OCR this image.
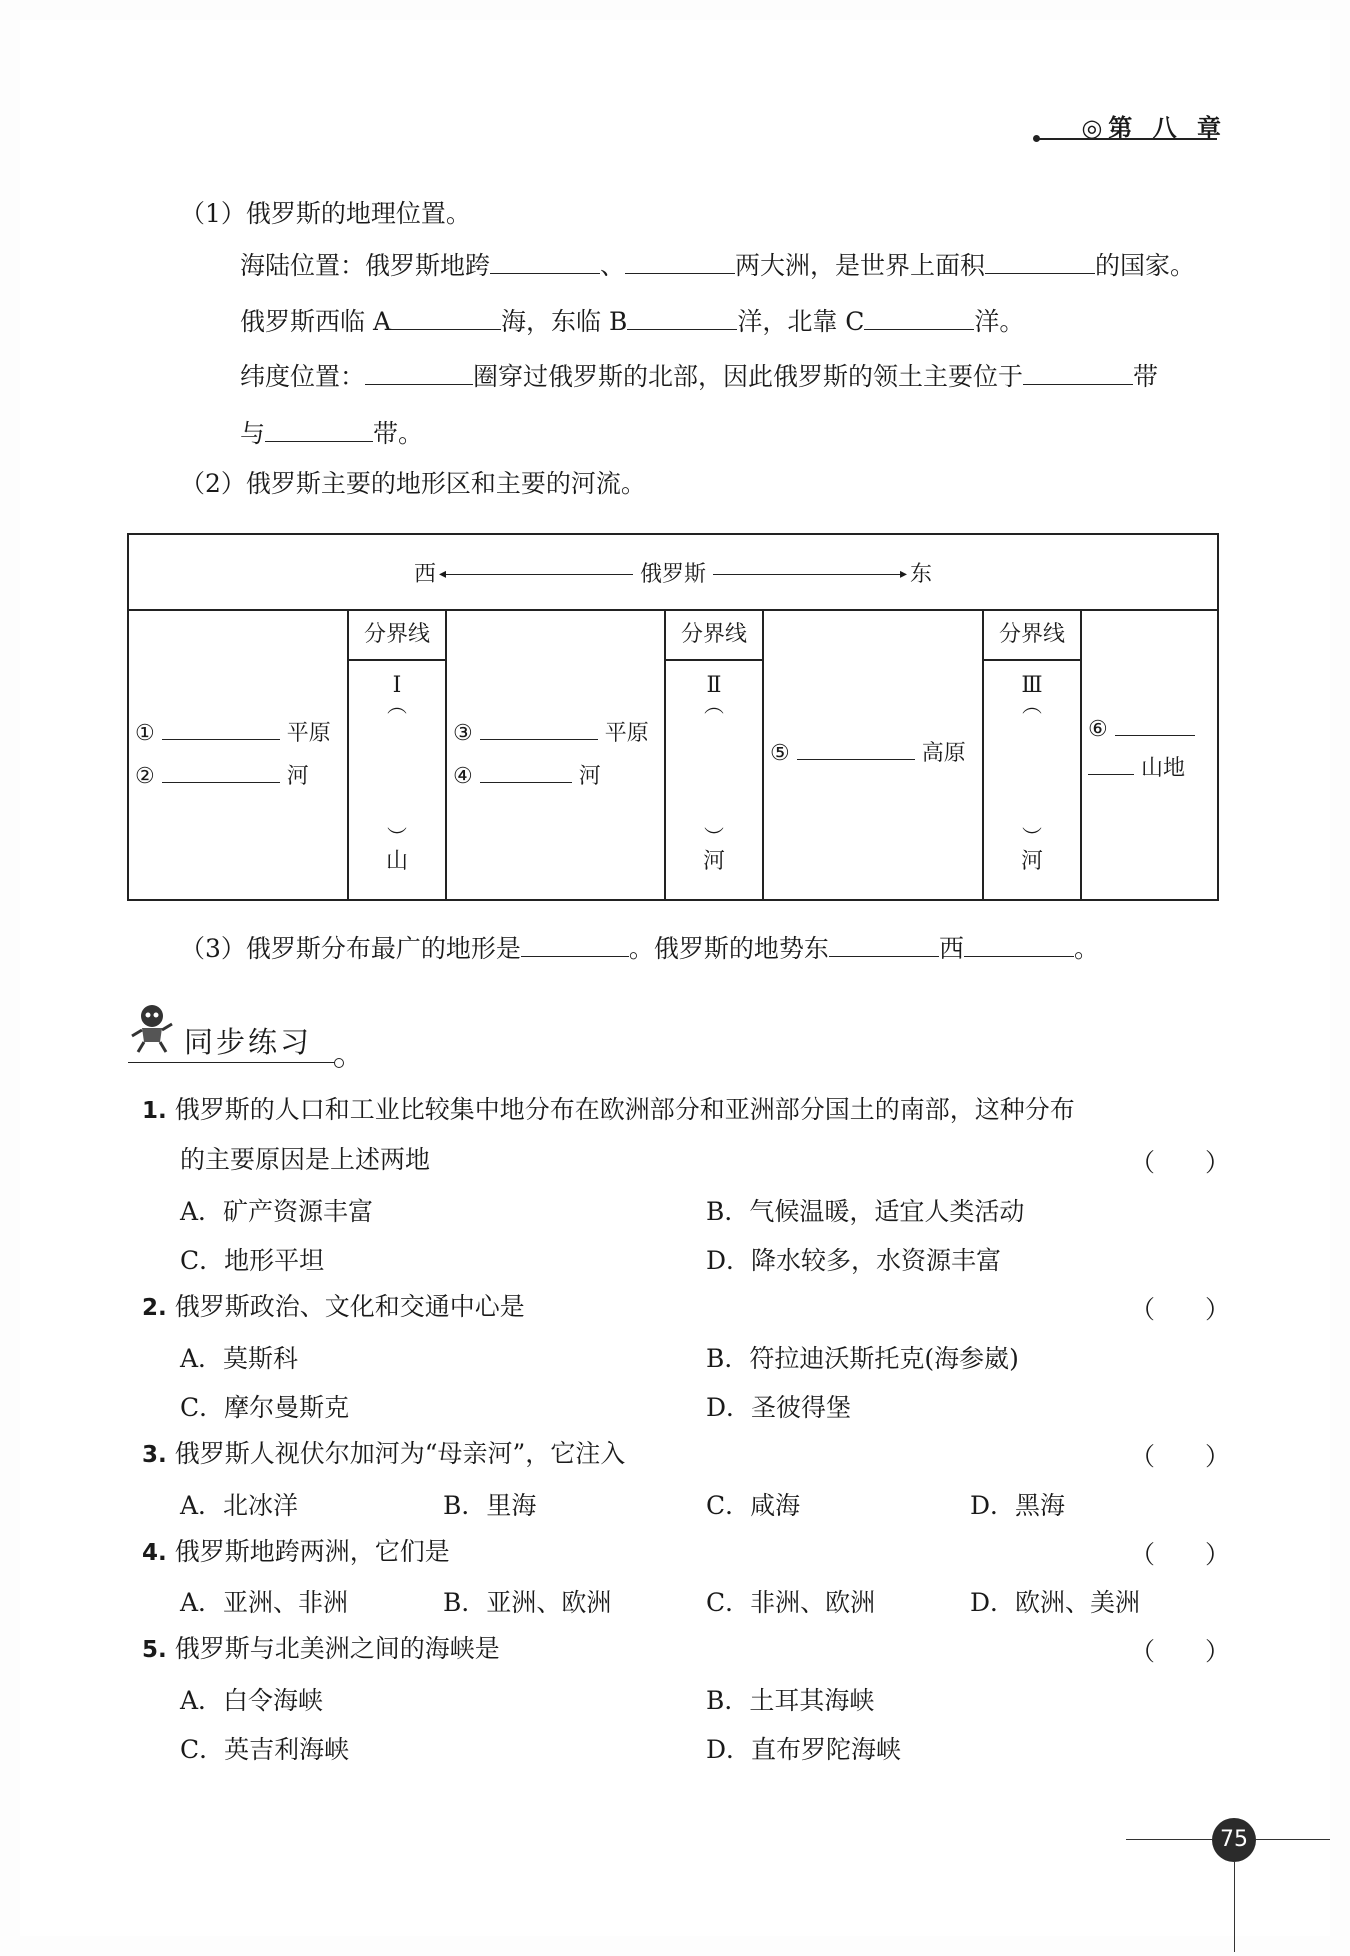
◎第 八 章
（1）俄罗斯的地理位置。
海陆位置：俄罗斯地跨	、	两大洲，是世界上面积	的国家。
俄罗斯西临 A	海，东临 B	洋，北靠 C	洋。
纬度位置：	圈穿过俄罗斯的北部，因此俄罗斯的领土主要位于	带
与	带。
（2）俄罗斯主要的地形区和主要的河流。
西 ◂	俄罗斯	▸ 东

①	平原
②	河

分界线
Ⅰ
︵
︶
山

③	平原
④	河

分界线
Ⅱ
︵
︶
河

⑤	高原

分界线
Ⅲ
︵
︶
河

⑥
山地
（3）俄罗斯分布最广的地形是	。俄罗斯的地势东	西	。
同步练习
1. 俄罗斯的人口和工业比较集中地分布在欧洲部分和亚洲部分国土的南部，这种分布
的主要原因是上述两地	（　　）
A．矿产资源丰富	B．气候温暖，适宜人类活动
C．地形平坦	D．降水较多，水资源丰富
2. 俄罗斯政治、文化和交通中心是	（　　）
A．莫斯科	B．符拉迪沃斯托克(海参崴)
C．摩尔曼斯克	D．圣彼得堡
3. 俄罗斯人视伏尔加河为“母亲河”，它注入	（　　）
A．北冰洋	B．里海	C．咸海	D．黑海
4. 俄罗斯地跨两洲，它们是	（　　）
A．亚洲、非洲	B．亚洲、欧洲	C．非洲、欧洲	D．欧洲、美洲
5. 俄罗斯与北美洲之间的海峡是	（　　）
A．白令海峡	B．土耳其海峡
C．英吉利海峡	D．直布罗陀海峡
75
